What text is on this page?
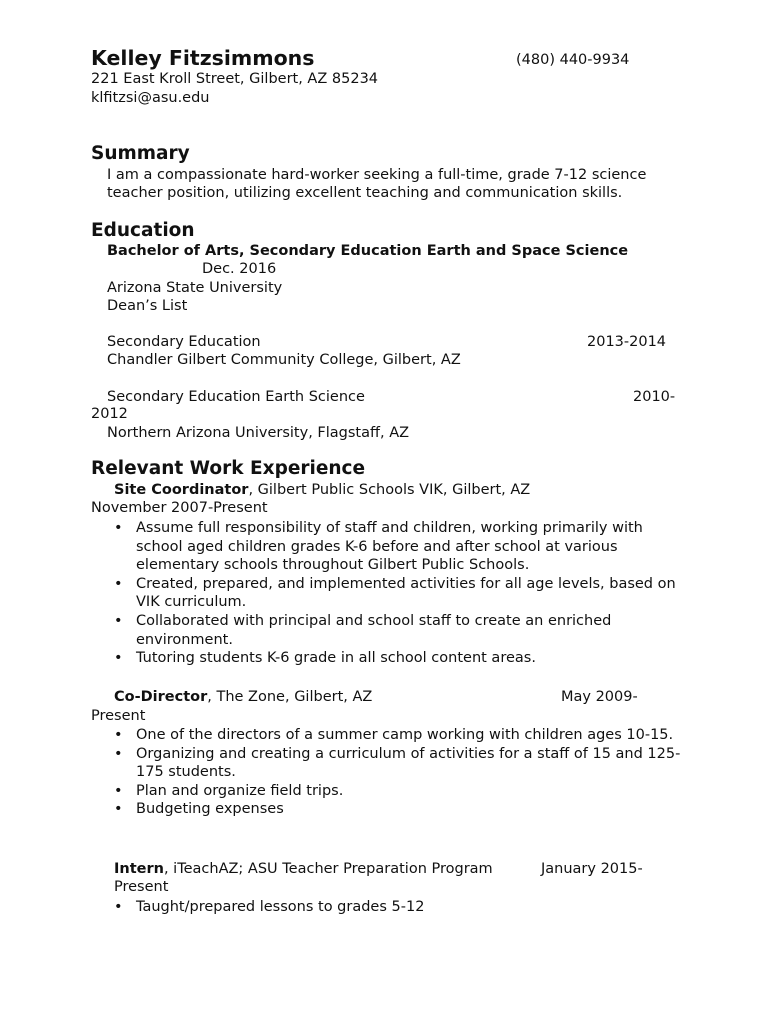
Kelley Fitzsimmons	(480) 440-9934
221 East Kroll Street, Gilbert, AZ 85234
klfitzsi@asu.edu
Summary
I am a compassionate hard-worker seeking a full-time, grade 7-12 science
teacher position, utilizing excellent teaching and communication skills.
Education
Bachelor of Arts, Secondary Education Earth and Space Science
Dec. 2016
Arizona State University
Dean’s List
Secondary Education	2013-2014
Chandler Gilbert Community College, Gilbert, AZ
Secondary Education Earth Science	2010-
2012
Northern Arizona University, Flagstaff, AZ
Relevant Work Experience
Site Coordinator, Gilbert Public Schools VIK, Gilbert, AZ
November 2007-Present
• Assume full responsibility of staff and children, working primarily with school aged children grades K-6 before and after school at various elementary schools throughout Gilbert Public Schools.
• Created, prepared, and implemented activities for all age levels, based on VIK curriculum.
• Collaborated with principal and school staff to create an enriched environment.
• Tutoring students K-6 grade in all school content areas.
Co-Director, The Zone, Gilbert, AZ	May 2009-
Present
• One of the directors of a summer camp working with children ages 10-15.
• Organizing and creating a curriculum of activities for a staff of 15 and 125-175 students.
• Plan and organize field trips.
• Budgeting expenses
Intern, iTeachAZ; ASU Teacher Preparation Program	January 2015-
Present
• Taught/prepared lessons to grades 5-12
